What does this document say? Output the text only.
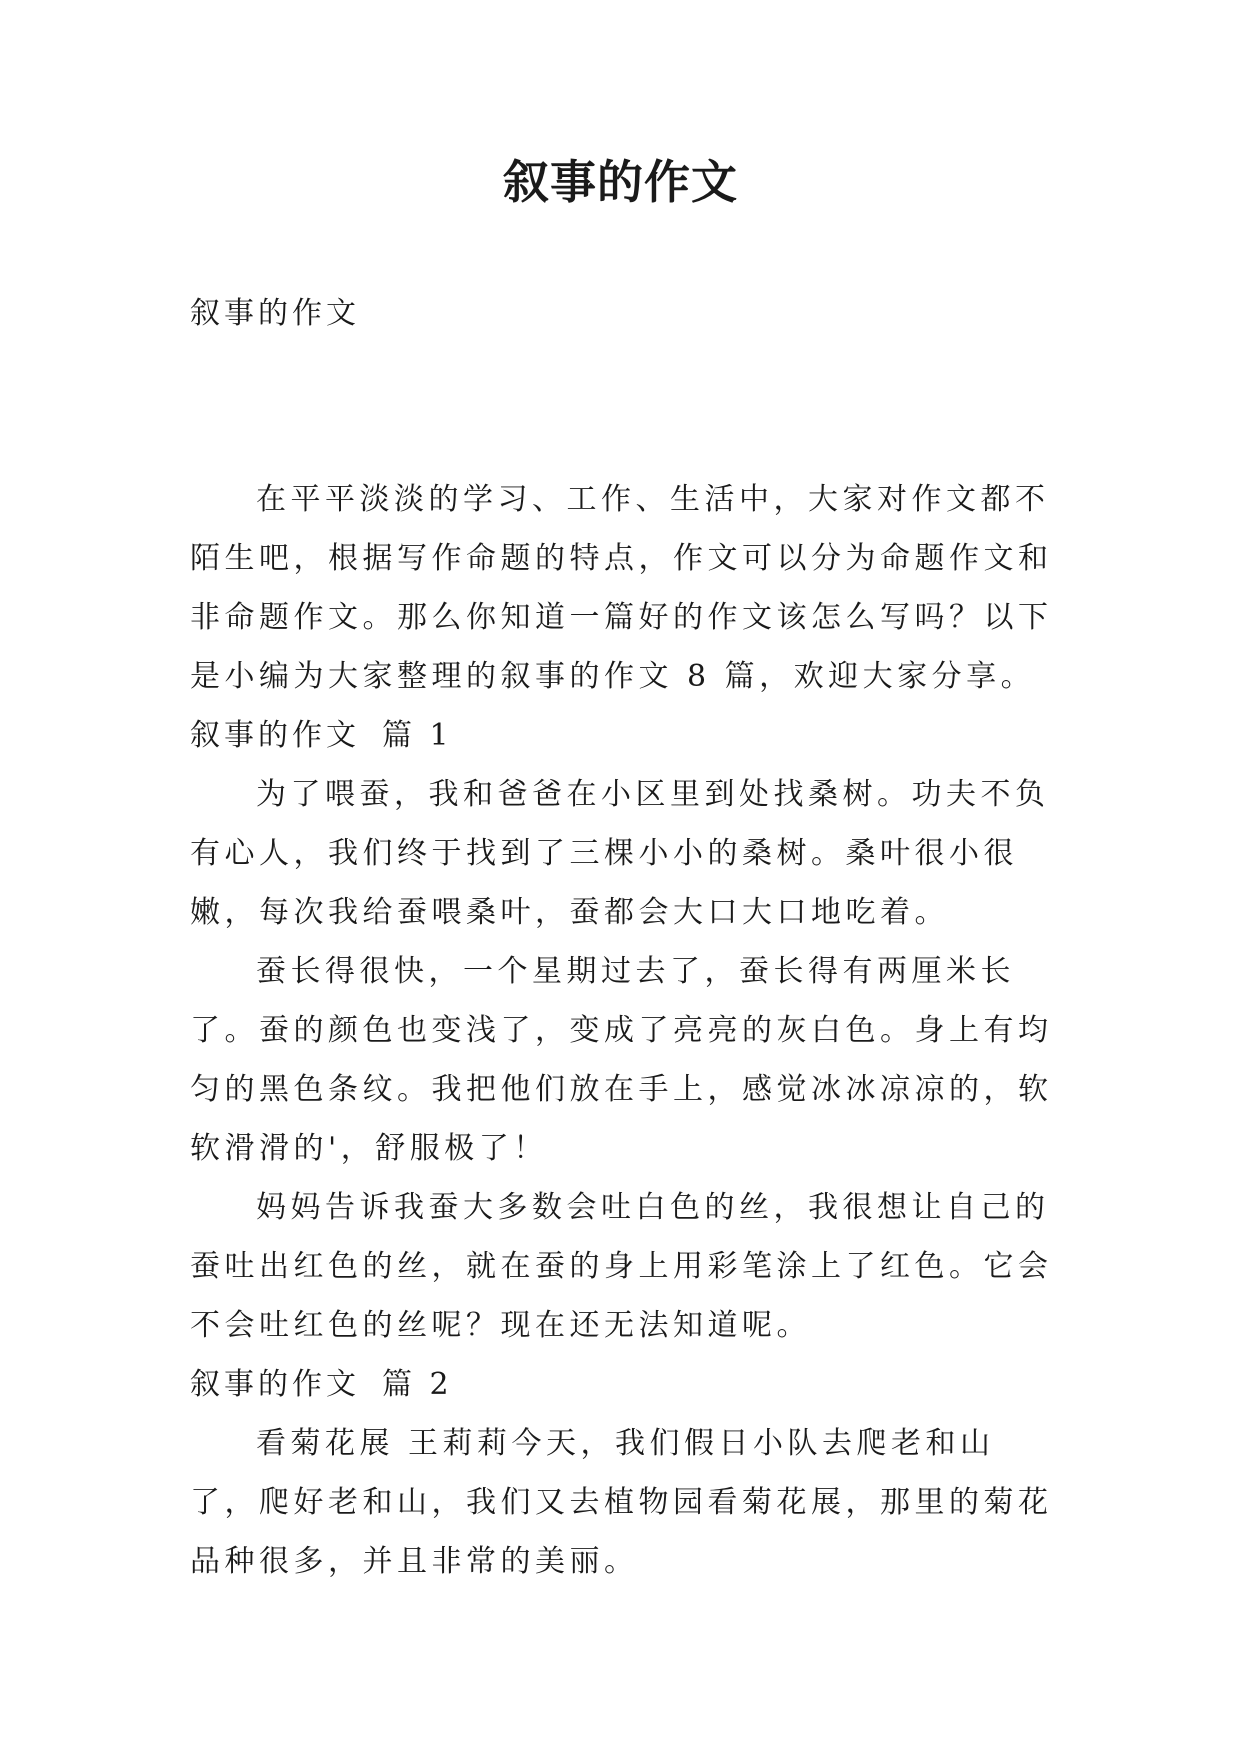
叙事的作文

叙事的作文

在平平淡淡的学习、工作、生活中，大家对作文都不陌生吧，根据写作命题的特点，作文可以分为命题作文和非命题作文。那么你知道一篇好的作文该怎么写吗？以下是小编为大家整理的叙事的作文 8 篇，欢迎大家分享。

叙事的作文 篇 1

为了喂蚕，我和爸爸在小区里到处找桑树。功夫不负有心人，我们终于找到了三棵小小的桑树。桑叶很小很嫩，每次我给蚕喂桑叶，蚕都会大口大口地吃着。

蚕长得很快，一个星期过去了，蚕长得有两厘米长了。蚕的颜色也变浅了，变成了亮亮的灰白色。身上有均匀的黑色条纹。我把他们放在手上，感觉冰冰凉凉的，软软滑滑的'，舒服极了！

妈妈告诉我蚕大多数会吐白色的丝，我很想让自己的蚕吐出红色的丝，就在蚕的身上用彩笔涂上了红色。它会不会吐红色的丝呢？现在还无法知道呢。

叙事的作文 篇 2

看菊花展 王莉莉今天，我们假日小队去爬老和山了，爬好老和山，我们又去植物园看菊花展，那里的菊花品种很多，并且非常的美丽。
